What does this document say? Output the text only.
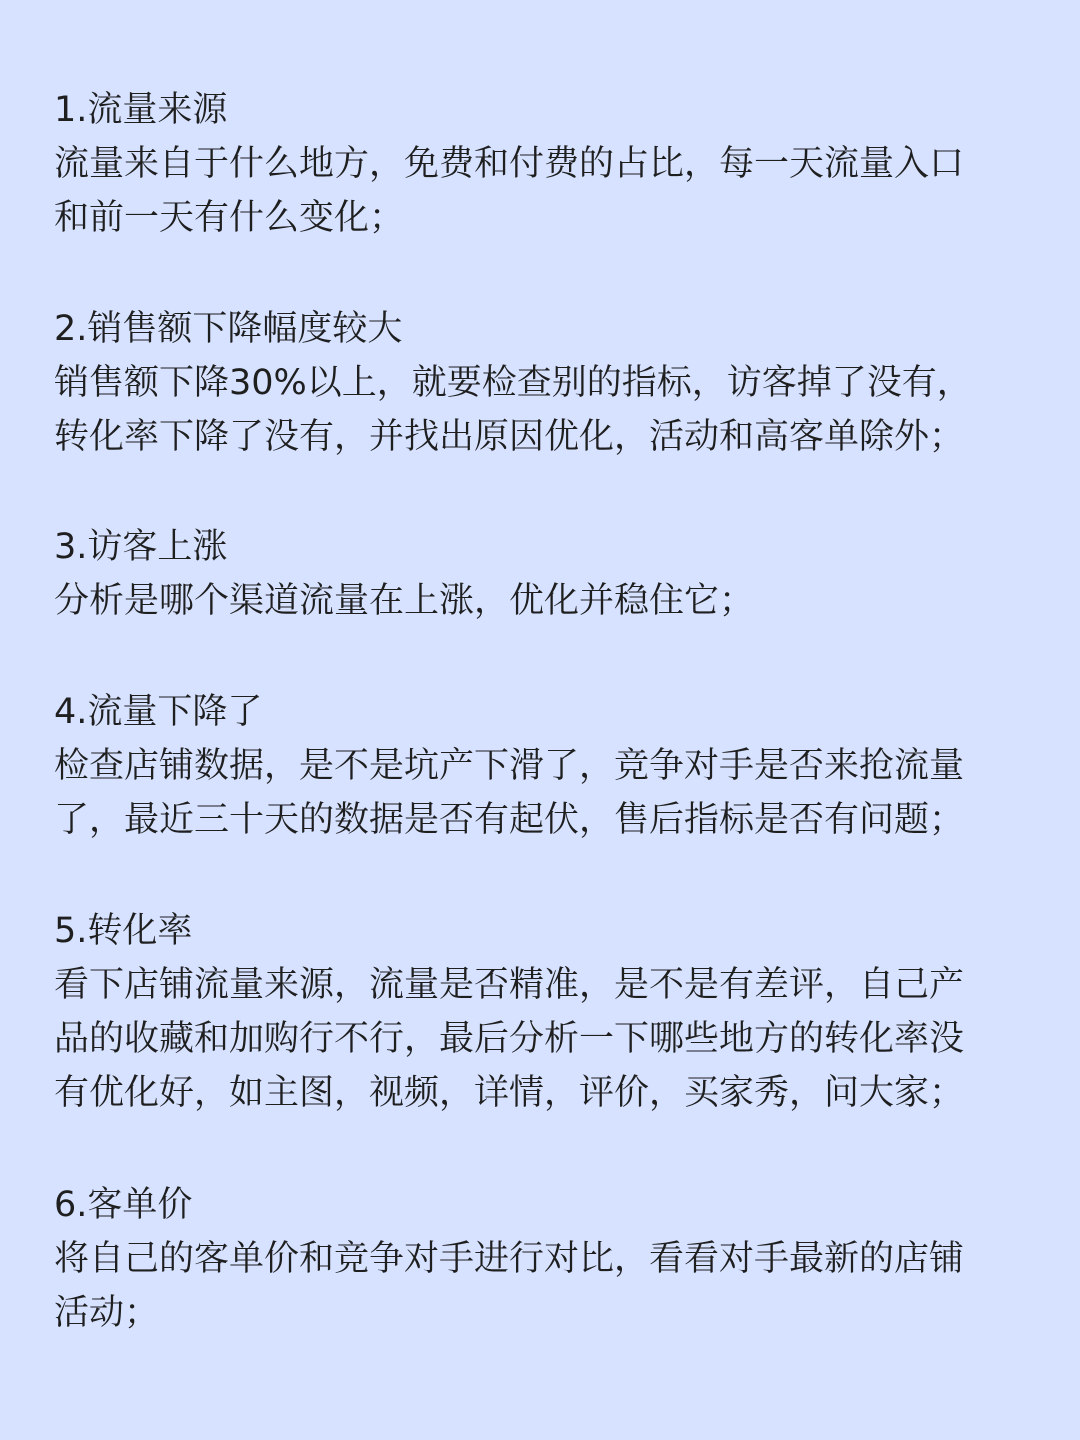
1.流量来源
流量来自于什么地方，免费和付费的占比，每一天流量入口
和前一天有什么变化；
2.销售额下降幅度较大
销售额下降30%以上，就要检查别的指标，访客掉了没有，
转化率下降了没有，并找出原因优化，活动和高客单除外；
3.访客上涨
分析是哪个渠道流量在上涨，优化并稳住它；
4.流量下降了
检查店铺数据，是不是坑产下滑了，竞争对手是否来抢流量
了，最近三十天的数据是否有起伏，售后指标是否有问题；
5.转化率
看下店铺流量来源，流量是否精准，是不是有差评，自己产
品的收藏和加购行不行，最后分析一下哪些地方的转化率没
有优化好，如主图，视频，详情，评价，买家秀，问大家；
6.客单价
将自己的客单价和竞争对手进行对比，看看对手最新的店铺
活动；
